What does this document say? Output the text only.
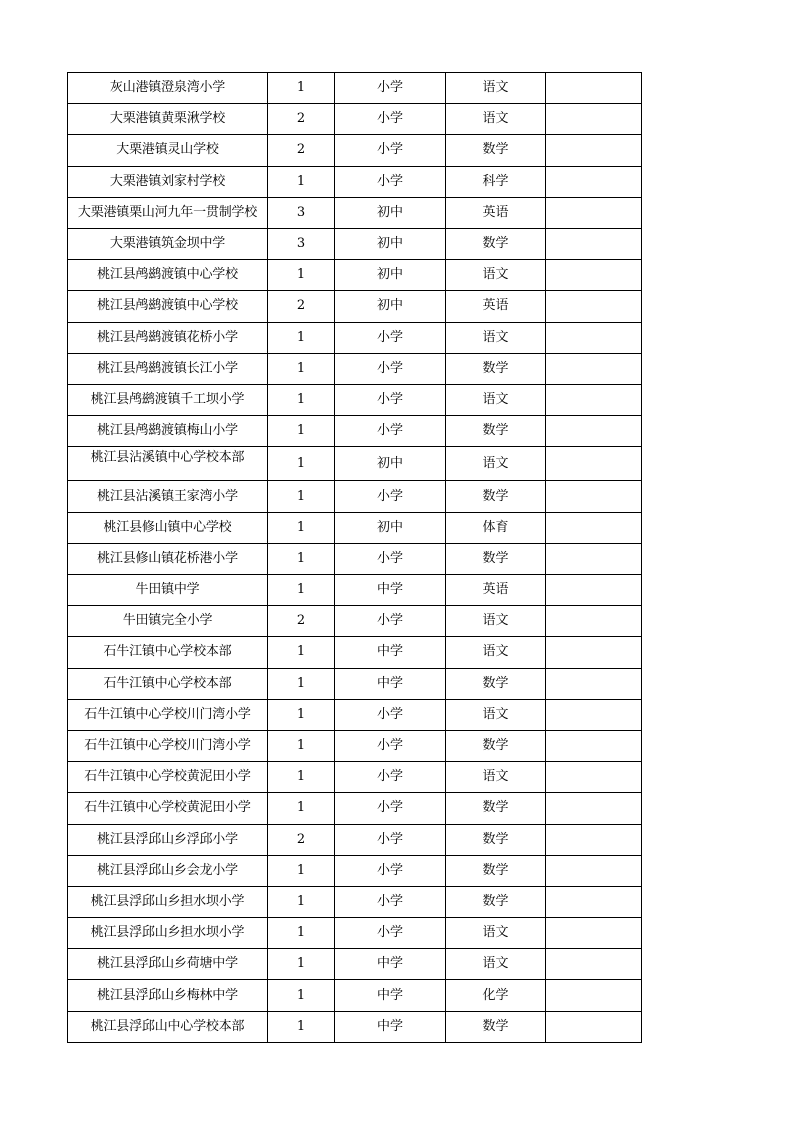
灰山港镇澄泉湾小学	1	小学	语文	
大栗港镇黄栗湫学校	2	小学	语文	
大栗港镇灵山学校	2	小学	数学	
大栗港镇刘家村学校	1	小学	科学	
大栗港镇栗山河九年一贯制学校	3	初中	英语	
大栗港镇筑金坝中学	3	初中	数学	
桃江县鸬鹚渡镇中心学校	1	初中	语文	
桃江县鸬鹚渡镇中心学校	2	初中	英语	
桃江县鸬鹚渡镇花桥小学	1	小学	语文	
桃江县鸬鹚渡镇长江小学	1	小学	数学	
桃江县鸬鹚渡镇千工坝小学	1	小学	语文	
桃江县鸬鹚渡镇梅山小学	1	小学	数学	
桃江县沾溪镇中心学校本部	1	初中	语文	
桃江县沾溪镇王家湾小学	1	小学	数学	
桃江县修山镇中心学校	1	初中	体育	
桃江县修山镇花桥港小学	1	小学	数学	
牛田镇中学	1	中学	英语	
牛田镇完全小学	2	小学	语文	
石牛江镇中心学校本部	1	中学	语文	
石牛江镇中心学校本部	1	中学	数学	
石牛江镇中心学校川门湾小学	1	小学	语文	
石牛江镇中心学校川门湾小学	1	小学	数学	
石牛江镇中心学校黄泥田小学	1	小学	语文	
石牛江镇中心学校黄泥田小学	1	小学	数学	
桃江县浮邱山乡浮邱小学	2	小学	数学	
桃江县浮邱山乡会龙小学	1	小学	数学	
桃江县浮邱山乡担水坝小学	1	小学	数学	
桃江县浮邱山乡担水坝小学	1	小学	语文	
桃江县浮邱山乡荷塘中学	1	中学	语文	
桃江县浮邱山乡梅林中学	1	中学	化学	
桃江县浮邱山中心学校本部	1	中学	数学	
